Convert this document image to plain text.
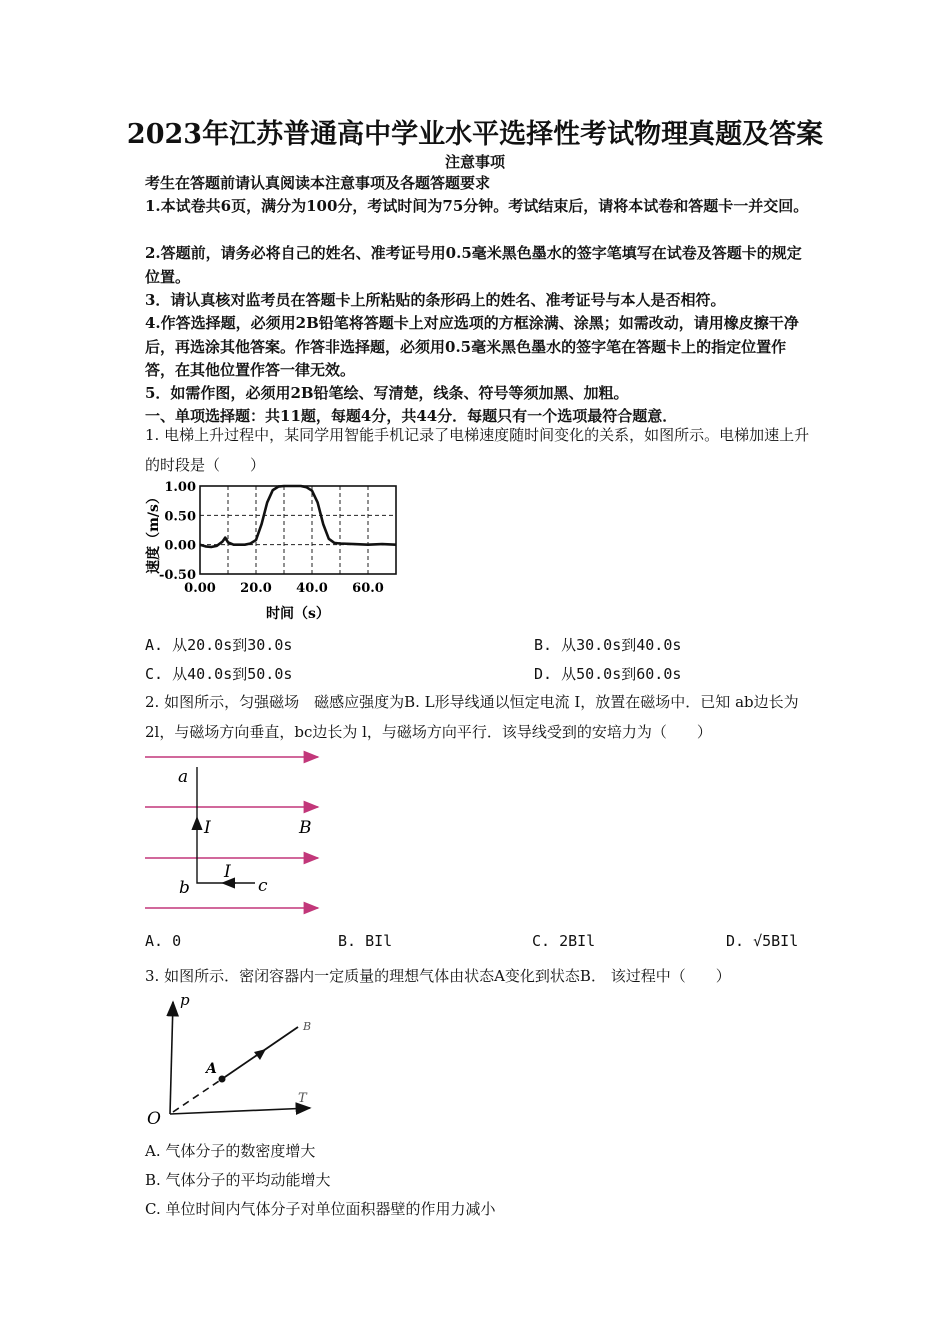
2023年江苏普通高中学业水平选择性考试物理真题及答案
注意事项
考生在答题前请认真阅读本注意事项及各题答题要求
1.本试卷共6页，满分为100分，考试时间为75分钟。考试结束后，请将本试卷和答题卡一并交回。
2.答题前，请务必将自己的姓名、准考证号用0.5毫米黑色墨水的签字笔填写在试卷及答题卡的规定位置。
3．请认真核对监考员在答题卡上所粘贴的条形码上的姓名、准考证号与本人是否相符。
4.作答选择题，必须用2B铅笔将答题卡上对应选项的方框涂满、涂黑；如需改动，请用橡皮擦干净后，再选涂其他答案。作答非选择题，必须用0.5毫米黑色墨水的签字笔在答题卡上的指定位置作答，在其他位置作答一律无效。
5．如需作图，必须用2B铅笔绘、写清楚，线条、符号等须加黑、加粗。
一、单项选择题：共11题，每题4分，共44分．每题只有一个选项最符合题意．
1. 电梯上升过程中，某同学用智能手机记录了电梯速度随时间变化的关系，如图所示。电梯加速上升的时段是（　　）
1.00
0.50
0.00
-0.50
0.00 20.0 40.0 60.0
速度（m/s）
时间（s）
A. 从20.0s到30.0s	B. 从30.0s到40.0s
C. 从40.0s到50.0s	D. 从50.0s到60.0s
2. 如图所示，匀强磁场　磁感应强度为B. L形导线通以恒定电流 I，放置在磁场中．已知 ab边长为2l，与磁场方向垂直，bc边长为 l，与磁场方向平行．该导线受到的安培力为（　　）
a
b	c
I
I
B
A. 0	B. BIl	C. 2BIl	D. √5BIl
3. 如图所示．密闭容器内一定质量的理想气体由状态A变化到状态B． 该过程中（　　）
p
T
O
A
B
A. 气体分子的数密度增大
B. 气体分子的平均动能增大
C. 单位时间内气体分子对单位面积器壁的作用力减小
